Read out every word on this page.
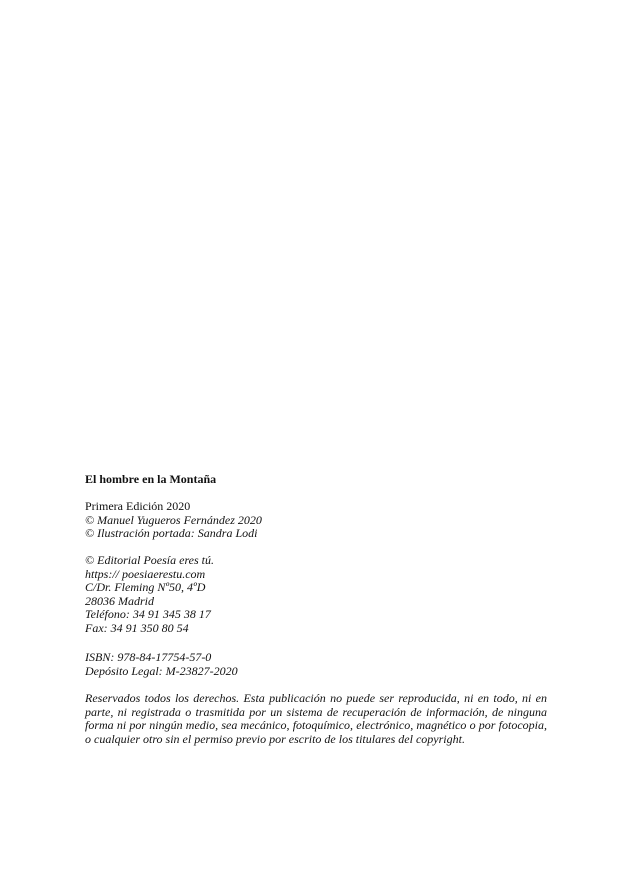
El hombre en la Montaña
Primera Edición 2020
© Manuel Yugueros Fernández 2020
© Ilustración portada: Sandra Lodi
© Editorial Poesía eres tú.
https:// poesiaerestu.com
C/Dr. Fleming Nº50, 4ºD
28036 Madrid
Teléfono: 34 91 345 38 17
Fax: 34 91 350 80 54
ISBN: 978-84-17754-57-0
Depósito Legal: M-23827-2020
Reservados todos los derechos. Esta publicación no puede ser reproducida, ni en todo, ni en parte, ni registrada o trasmitida por un sistema de recuperación de información, de ninguna forma ni por ningún medio, sea mecánico, fotoquímico, electrónico, magnético o por fotocopia, o cualquier otro sin el permiso previo por escrito de los titulares del copyright.
